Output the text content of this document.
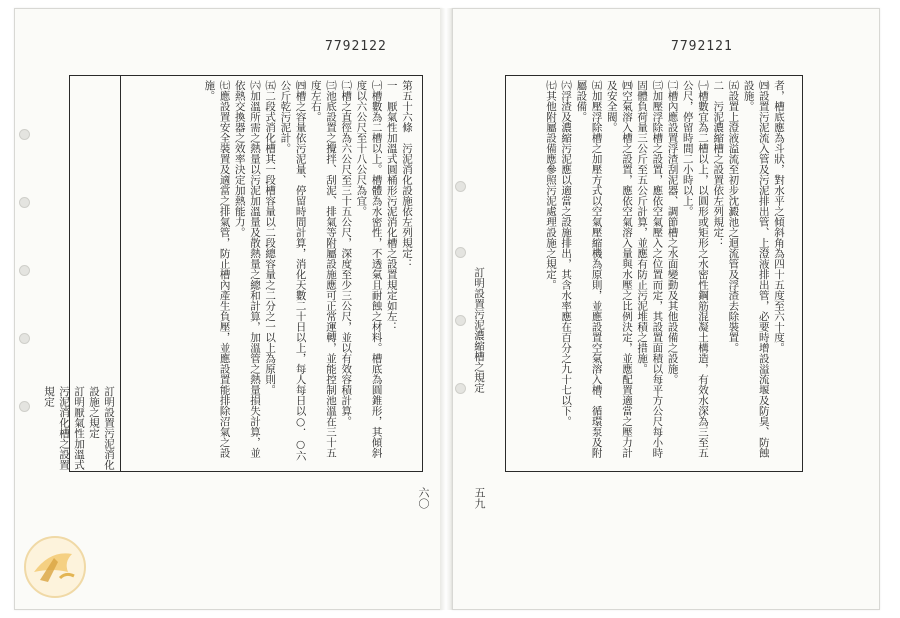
7792122
訂明設置污泥消化設施之規定
訂明厭氣性加溫式污泥消化槽之設置規定
第五十六條　污泥消化設施依左列規定：
一　厭氣性加溫式圓桶形污泥消化槽之設置規定如左：
㈠槽數為二槽以上。槽體為水密性，不透氣且耐蝕之材料。槽底為圓錐形，其傾斜度以六公尺至十八公尺為宜。
㈡槽之直徑為六公尺至三十五公尺，深度至少三公尺，並以有效容積計算。
㈢池底設置之攪拌、刮泥、排氣等附屬設施應可正常運轉，並能控制池溫在三十五度左右。
㈣槽之容量依污泥量、停留時間計算，消化天數二十日以上，每人每日以○．○六公斤乾污泥計。
㈤二段式消化槽其一段槽容量以二段總容量之二分之一以上為原則。
㈥加溫所需之熱量以污泥加溫量及散熱量之總和計算，加溫管之熱量損失計算，並依熱交換器之效率決定加熱能力。
㈦應設置安全裝置及適當之排氣管，防止槽內產生負壓，並應設置能排除沼氣之設施。
六〇
7792121
者，槽底應為斗狀，對水平之傾斜角為四十五度至六十度。
㈣設置污泥流入管及污泥排出管、上澄液排出管，必要時增設溢流堰及防臭、防蝕設施。
㈤設置上澄液溢流至初步沈澱池之迴流管及浮渣去除裝置。
二　污泥濃縮槽之設置依左列規定：
㈠槽數宜為二槽以上，以圓形或矩形之水密性鋼筋混凝土構造，有效水深為三至五公尺，停留時間二小時以上。
㈡槽內應設置浮渣刮泥器、調節槽之水面變動及其他設備之設施。
㈢加壓浮除槽之設置，應依空氣壓入之位置而定，其設置面積以每平方公尺每小時固體負荷量三公斤至五公斤計算，並應有防止污泥堆積之措施。
㈣空氣溶入槽之設置，應依空氣溶入量與水壓之比例決定，並應配置適當之壓力計及安全閥。
㈤加壓浮除槽之加壓方式以空氣壓縮機為原則，並應設置空氣溶入槽、循環泵及附屬設備。
㈥浮渣及濃縮污泥應以適當之設施排出，其含水率應在百分之九十七以下。
㈦其他附屬設備應參照污泥處理設施之規定。
訂明設置污泥濃縮槽之規定
五九
